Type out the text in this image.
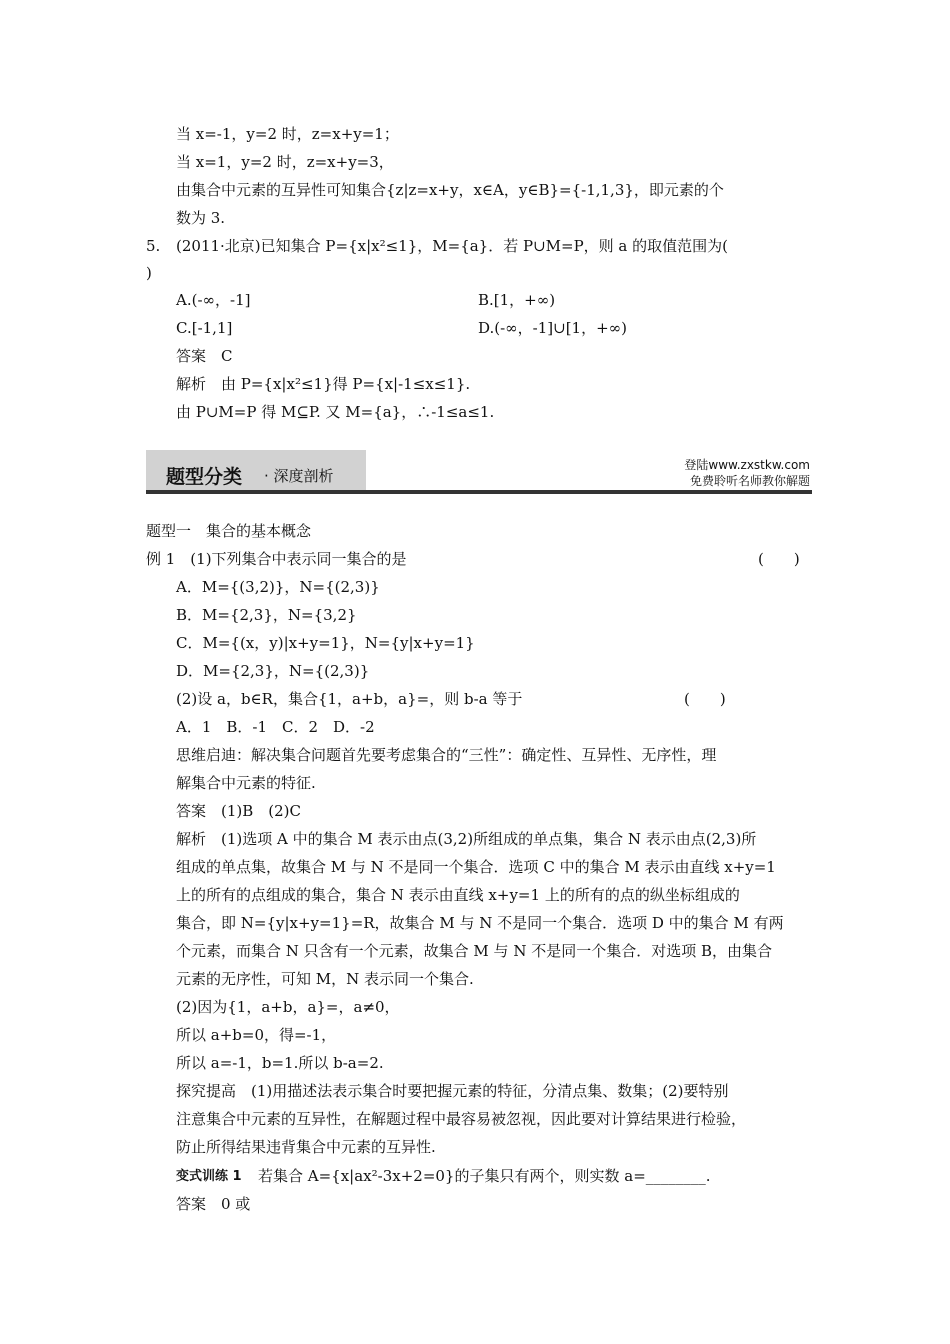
当 x=-1，y=2 时，z=x+y=1；
当 x=1，y=2 时，z=x+y=3，
由集合中元素的互异性可知集合{z|z=x+y，x∈A，y∈B}={-1,1,3}，即元素的个
数为 3.
5. (2011·北京)已知集合 P={x|x²≤1}，M={a}．若 P∪M=P，则 a 的取值范围为(
)
A.(-∞，-1]	B.[1，+∞)
C.[-1,1]	D.(-∞，-1]∪[1，+∞)
答案　C
解析　由 P={x|x²≤1}得 P={x|-1≤x≤1}.
由 P∪M=P 得 M⊆P. 又 M={a}，∴-1≤a≤1.
题型分类 · 深度剖析
登陆www.zxstkw.com
免费聆听名师教你解题
题型一　集合的基本概念
例 1　(1)下列集合中表示同一集合的是	(　　)
A．M={(3,2)}，N={(2,3)}
B．M={2,3}，N={3,2}
C．M={(x，y)|x+y=1}，N={y|x+y=1}
D．M={2,3}，N={(2,3)}
(2)设 a，b∈R，集合{1，a+b，a}=，则 b-a 等于	(　　)
A．1　B．-1　C．2　D．-2
思维启迪：解决集合问题首先要考虑集合的“三性”：确定性、互异性、无序性，理
解集合中元素的特征.
答案　(1)B　(2)C
解析　(1)选项 A 中的集合 M 表示由点(3,2)所组成的单点集，集合 N 表示由点(2,3)所
组成的单点集，故集合 M 与 N 不是同一个集合．选项 C 中的集合 M 表示由直线 x+y=1
上的所有的点组成的集合，集合 N 表示由直线 x+y=1 上的所有的点的纵坐标组成的
集合，即 N={y|x+y=1}=R，故集合 M 与 N 不是同一个集合．选项 D 中的集合 M 有两
个元素，而集合 N 只含有一个元素，故集合 M 与 N 不是同一个集合．对选项 B，由集合
元素的无序性，可知 M，N 表示同一个集合.
(2)因为{1，a+b，a}=，a≠0，
所以 a+b=0，得=-1，
所以 a=-1，b=1.所以 b-a=2.
探究提高　(1)用描述法表示集合时要把握元素的特征，分清点集、数集；(2)要特别
注意集合中元素的互异性，在解题过程中最容易被忽视，因此要对计算结果进行检验，
防止所得结果违背集合中元素的互异性.
变式训练 1 若集合 A={x|ax²-3x+2=0}的子集只有两个，则实数 a=________.
答案　0 或
